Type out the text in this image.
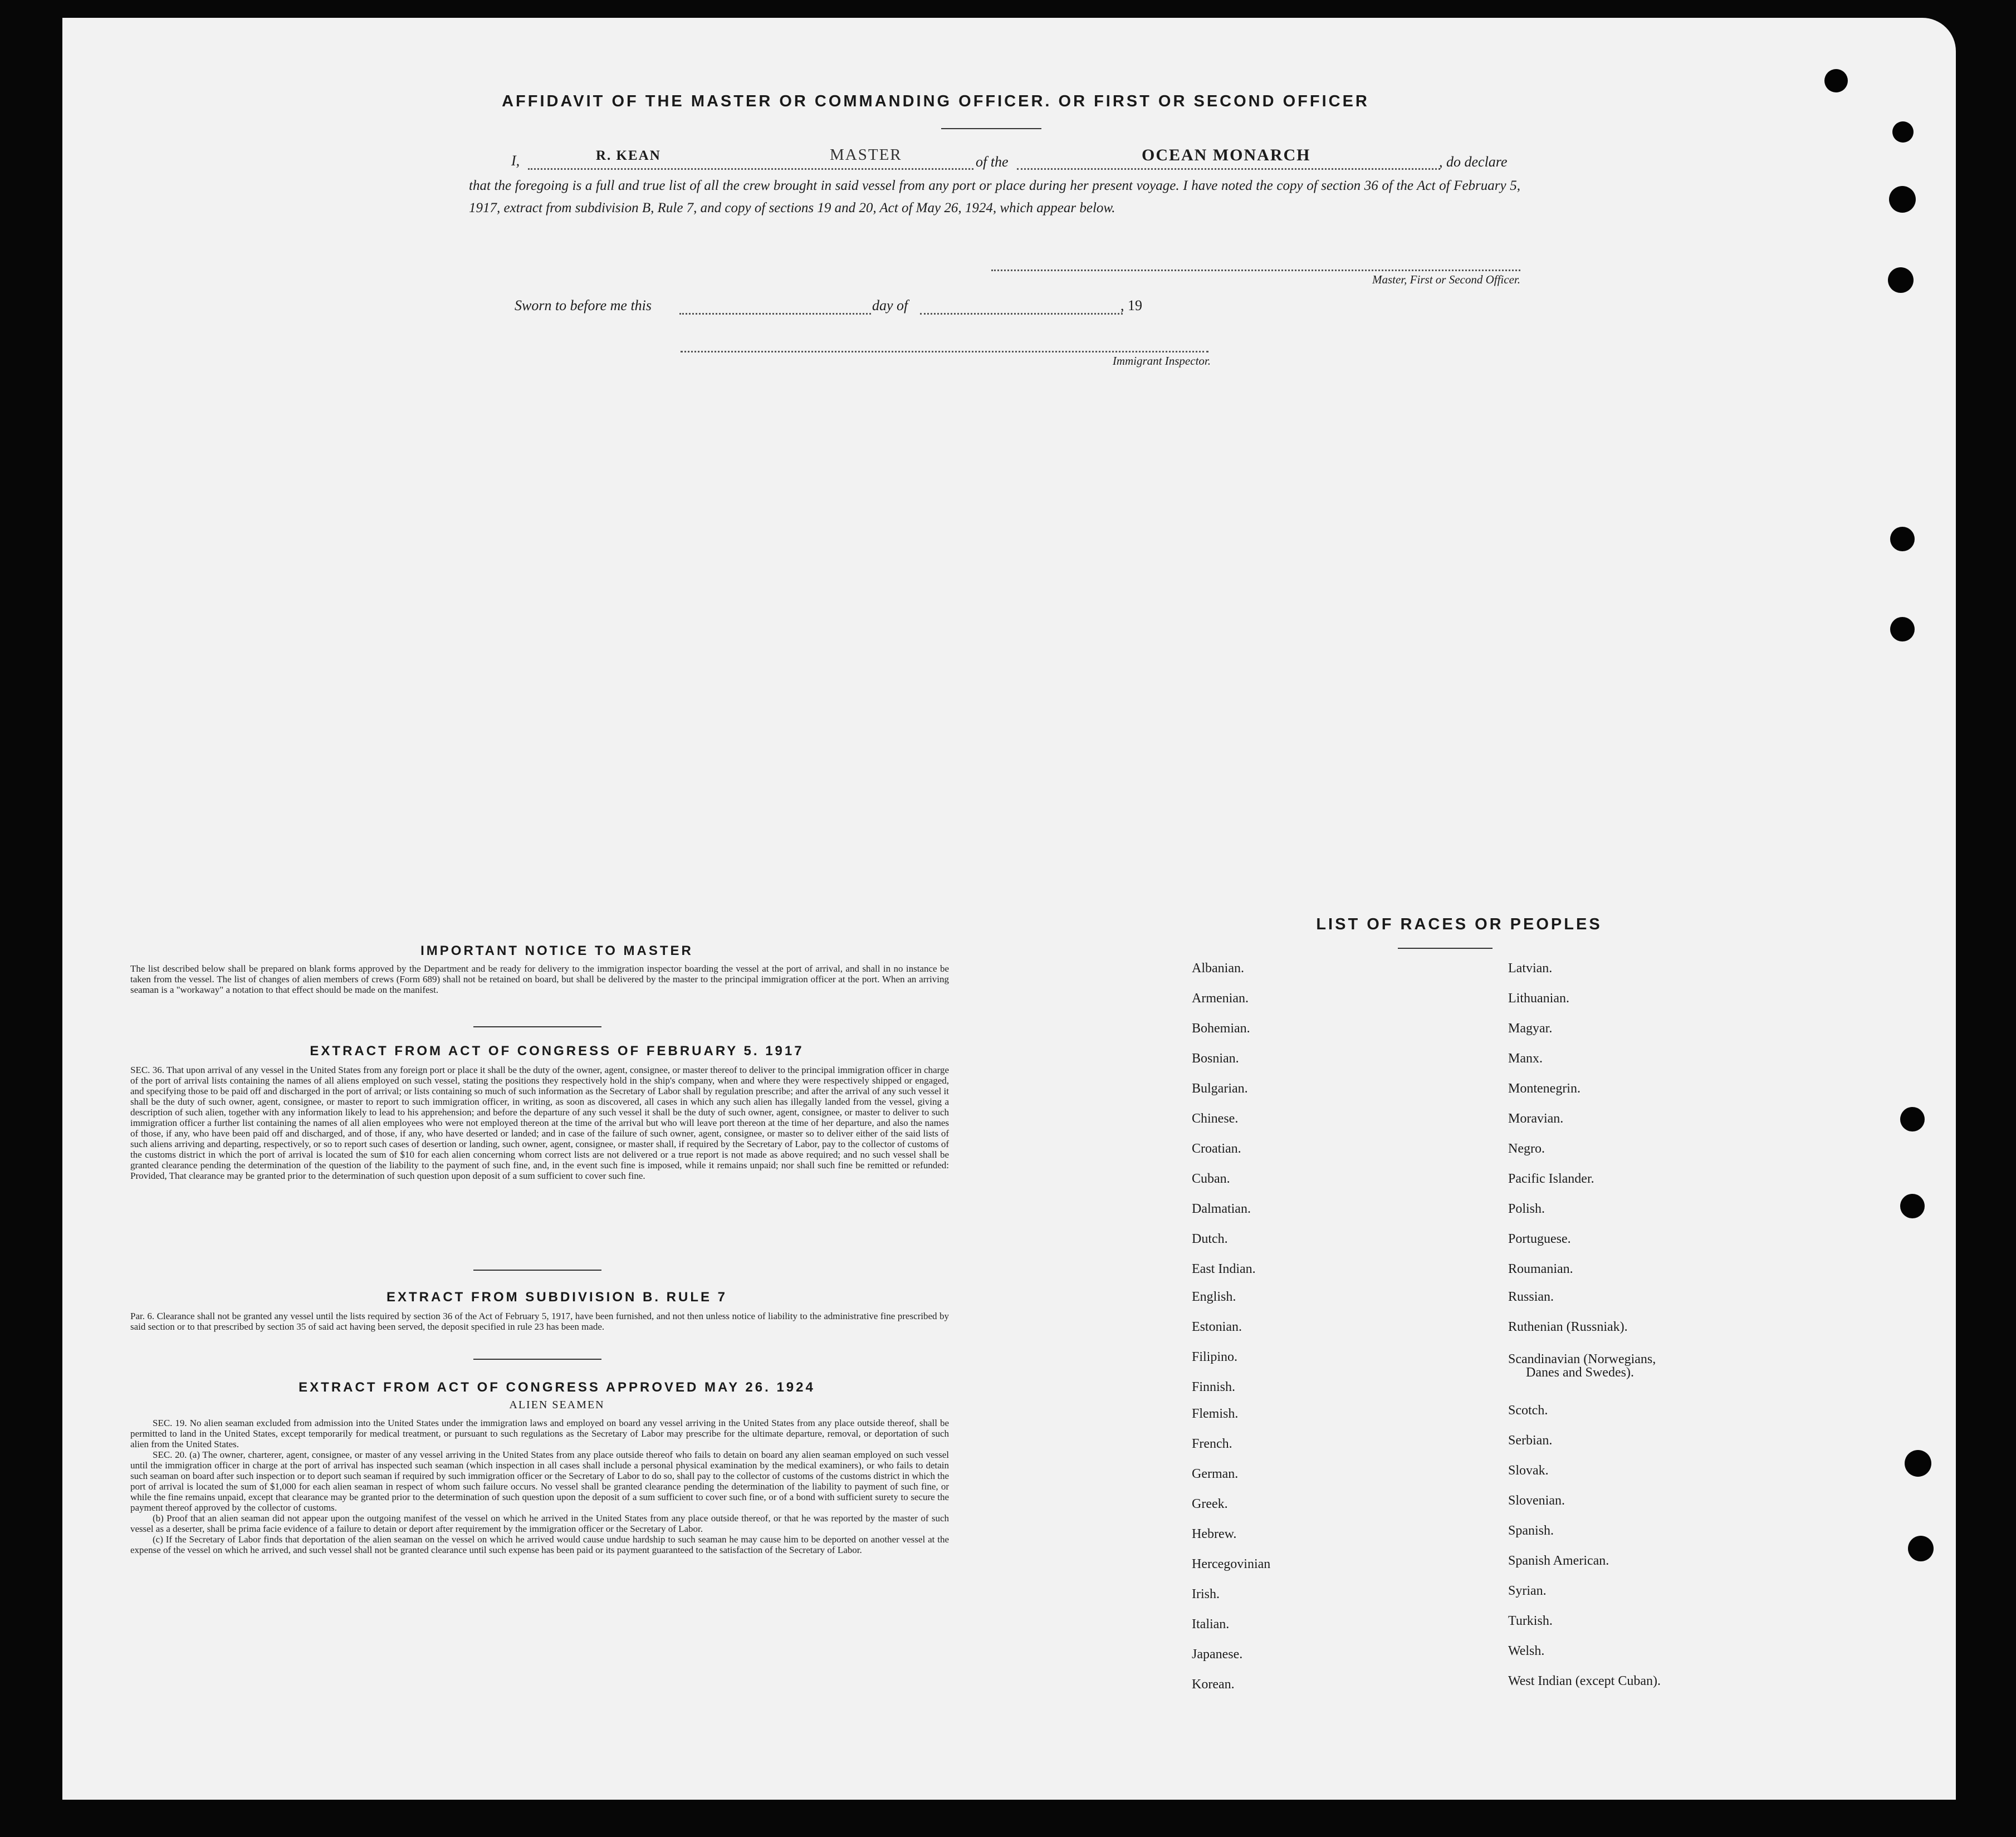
AFFIDAVIT OF THE MASTER OR COMMANDING OFFICER. OR FIRST OR SECOND OFFICER
I,	R. KEAN	MASTER	of the	OCEAN MONARCH	, do declare
that the foregoing is a full and true list of all the crew brought in said vessel from any port or place during her present voyage. I have noted the copy of section 36 of the Act of February 5, 1917, extract from subdivision B, Rule 7, and copy of sections 19 and 20, Act of May 26, 1924, which appear below.
Master, First or Second Officer.
Sworn to before me this	day of	, 19
Immigrant Inspector.
IMPORTANT NOTICE TO MASTER
The list described below shall be prepared on blank forms approved by the Department and be ready for delivery to the immigration inspector boarding the vessel at the port of arrival, and shall in no instance be taken from the vessel. The list of changes of alien members of crews (Form 689) shall not be retained on board, but shall be delivered by the master to the principal immigration officer at the port. When an arriving seaman is a "workaway" a notation to that effect should be made on the manifest.
EXTRACT FROM ACT OF CONGRESS OF FEBRUARY 5. 1917
SEC. 36. That upon arrival of any vessel in the United States from any foreign port or place it shall be the duty of the owner, agent, consignee, or master thereof to deliver to the principal immigration officer in charge of the port of arrival lists containing the names of all aliens employed on such vessel, stating the positions they respectively hold in the ship's company, when and where they were respectively shipped or engaged, and specifying those to be paid off and discharged in the port of arrival; or lists containing so much of such information as the Secretary of Labor shall by regulation prescribe; and after the arrival of any such vessel it shall be the duty of such owner, agent, consignee, or master to report to such immigration officer, in writing, as soon as discovered, all cases in which any such alien has illegally landed from the vessel, giving a description of such alien, together with any information likely to lead to his apprehension; and before the departure of any such vessel it shall be the duty of such owner, agent, consignee, or master to deliver to such immigration officer a further list containing the names of all alien employees who were not employed thereon at the time of the arrival but who will leave port thereon at the time of her departure, and also the names of those, if any, who have been paid off and discharged, and of those, if any, who have deserted or landed; and in case of the failure of such owner, agent, consignee, or master so to deliver either of the said lists of such aliens arriving and departing, respectively, or so to report such cases of desertion or landing, such owner, agent, consignee, or master shall, if required by the Secretary of Labor, pay to the collector of customs of the customs district in which the port of arrival is located the sum of $10 for each alien concerning whom correct lists are not delivered or a true report is not made as above required; and no such vessel shall be granted clearance pending the determination of the question of the liability to the payment of such fine, and, in the event such fine is imposed, while it remains unpaid; nor shall such fine be remitted or refunded: Provided, That clearance may be granted prior to the determination of such question upon deposit of a sum sufficient to cover such fine.
EXTRACT FROM SUBDIVISION B. RULE 7
Par. 6. Clearance shall not be granted any vessel until the lists required by section 36 of the Act of February 5, 1917, have been furnished, and not then unless notice of liability to the administrative fine prescribed by said section or to that prescribed by section 35 of said act having been served, the deposit specified in rule 23 has been made.
EXTRACT FROM ACT OF CONGRESS APPROVED MAY 26. 1924
ALIEN SEAMEN
SEC. 19. No alien seaman excluded from admission into the United States under the immigration laws and employed on board any vessel arriving in the United States from any place outside thereof, shall be permitted to land in the United States, except temporarily for medical treatment, or pursuant to such regulations as the Secretary of Labor may prescribe for the ultimate departure, removal, or deportation of such alien from the United States.
SEC. 20. (a) The owner, charterer, agent, consignee, or master of any vessel arriving in the United States from any place outside thereof who fails to detain on board any alien seaman employed on such vessel until the immigration officer in charge at the port of arrival has inspected such seaman (which inspection in all cases shall include a personal physical examination by the medical examiners), or who fails to detain such seaman on board after such inspection or to deport such seaman if required by such immigration officer or the Secretary of Labor to do so, shall pay to the collector of customs of the customs district in which the port of arrival is located the sum of $1,000 for each alien seaman in respect of whom such failure occurs. No vessel shall be granted clearance pending the determination of the liability to payment of such fine, or while the fine remains unpaid, except that clearance may be granted prior to the determination of such question upon the deposit of a sum sufficient to cover such fine, or of a bond with sufficient surety to secure the payment thereof approved by the collector of customs.
(b) Proof that an alien seaman did not appear upon the outgoing manifest of the vessel on which he arrived in the United States from any place outside thereof, or that he was reported by the master of such vessel as a deserter, shall be prima facie evidence of a failure to detain or deport after requirement by the immigration officer or the Secretary of Labor.
(c) If the Secretary of Labor finds that deportation of the alien seaman on the vessel on which he arrived would cause undue hardship to such seaman he may cause him to be deported on another vessel at the expense of the vessel on which he arrived, and such vessel shall not be granted clearance until such expense has been paid or its payment guaranteed to the satisfaction of the Secretary of Labor.
LIST OF RACES OR PEOPLES
Albanian.
Armenian.
Bohemian.
Bosnian.
Bulgarian.
Chinese.
Croatian.
Cuban.
Dalmatian.
Dutch.
East Indian.
English.
Estonian.
Filipino.
Finnish.
Flemish.
French.
German.
Greek.
Hebrew.
Hercegovinian
Irish.
Italian.
Japanese.
Korean.
Latvian.
Lithuanian.
Magyar.
Manx.
Montenegrin.
Moravian.
Negro.
Pacific Islander.
Polish.
Portuguese.
Roumanian.
Russian.
Ruthenian (Russniak).
Scandinavian (Norwegians,
Scotch.
Serbian.
Slovak.
Slovenian.
Spanish.
Spanish American.
Syrian.
Turkish.
Welsh.
West Indian (except Cuban).
Danes and Swedes).
